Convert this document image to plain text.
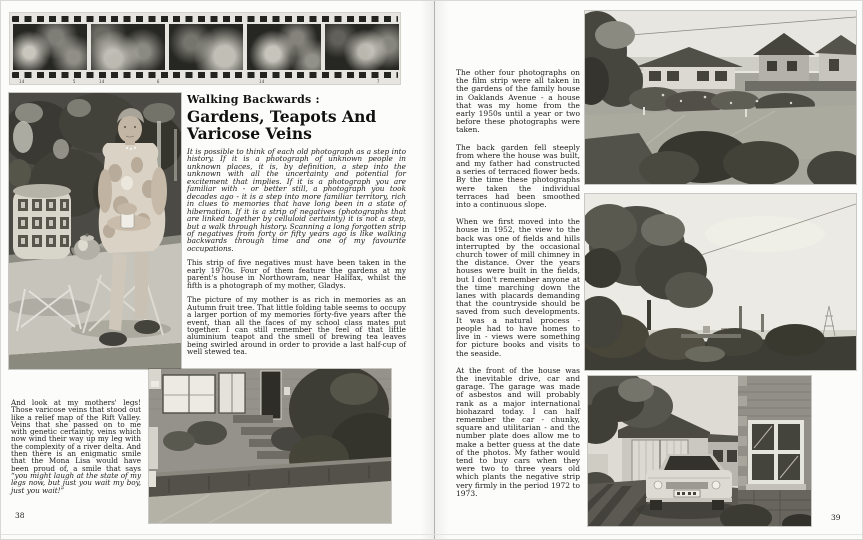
14	5	14	6	14	7
Walking Backwards :
Gardens, Teapots And Varicose Veins

It is possible to think of each old photograph as a step into history. If it is a photograph of unknown people in unknown places, it is, by definition, a step into the unknown with all the uncertainty and potential for excitement that implies. If it is a photograph you are familiar with - or better still, a photograph you took decades ago - it is a step into more familiar territory, rich in clues to memories that have long been in a state of hibernation. If it is a strip of negatives (photographs that are linked together by celluloid certainty) it is not a step, but a walk through history. Scanning a long forgotten strip of negatives from forty or fifty years ago is like walking backwards through time and one of my favourite occupations.

This strip of five negatives must have been taken in the early 1970s. Four of them feature the gardens at my parent's house in Northowram, near Halifax, whilst the fifth is a photograph of my mother, Gladys.

The picture of my mother is as rich in memories as an Autumn fruit tree. That little folding table seems to occupy a larger portion of my memories forty-five years after the event, than all the faces of my school class mates put together. I can still remember the feel of that little aluminium teapot and the smell of brewing tea leaves being swirled around in order to provide a last half-cup of well stewed tea.

And look at my mothers' legs! Those varicose veins that stood out like a relief map of the Rift Valley. Veins that she passed on to me with genetic certainty, veins which now wind their way up my leg with the complexity of a river delta. And then there is an enigmatic smile that the Mona Lisa would have been proud of, a smile that says “you might laugh at the state of my legs now, but just you wait my boy, just you wait!”

38

The other four photographs on the film strip were all taken in the gardens of the family house in Oaklands Avenue - a house that was my home from the early 1950s until a year or two before these photographs were taken.

The back garden fell steeply from where the house was built, and my father had constructed a series of terraced flower beds. By the time these photographs were taken the individual terraces had been smoothed into a continuous slope.

When we first moved into the house in 1952, the view to the back was one of fields and hills interrupted by the occasional church tower of mill chimney in the distance. Over the years houses were built in the fields, but I don't remember anyone at the time marching down the lanes with placards demanding that the countryside should be saved from such developments. It was a natural process - people had to have homes to live in - views were something for picture books and visits to the seaside.

At the front of the house was the inevitable drive, car and garage. The garage was made of asbestos and will probably rank as a major international biohazard today. I can half remember the car - chunky, square and utilitarian - and the number plate does allow me to make a better guess at the date of the photos. My father would tend to buy cars when they were two to three years old which plants the negative strip very firmly in the period 1972 to 1973.

39
